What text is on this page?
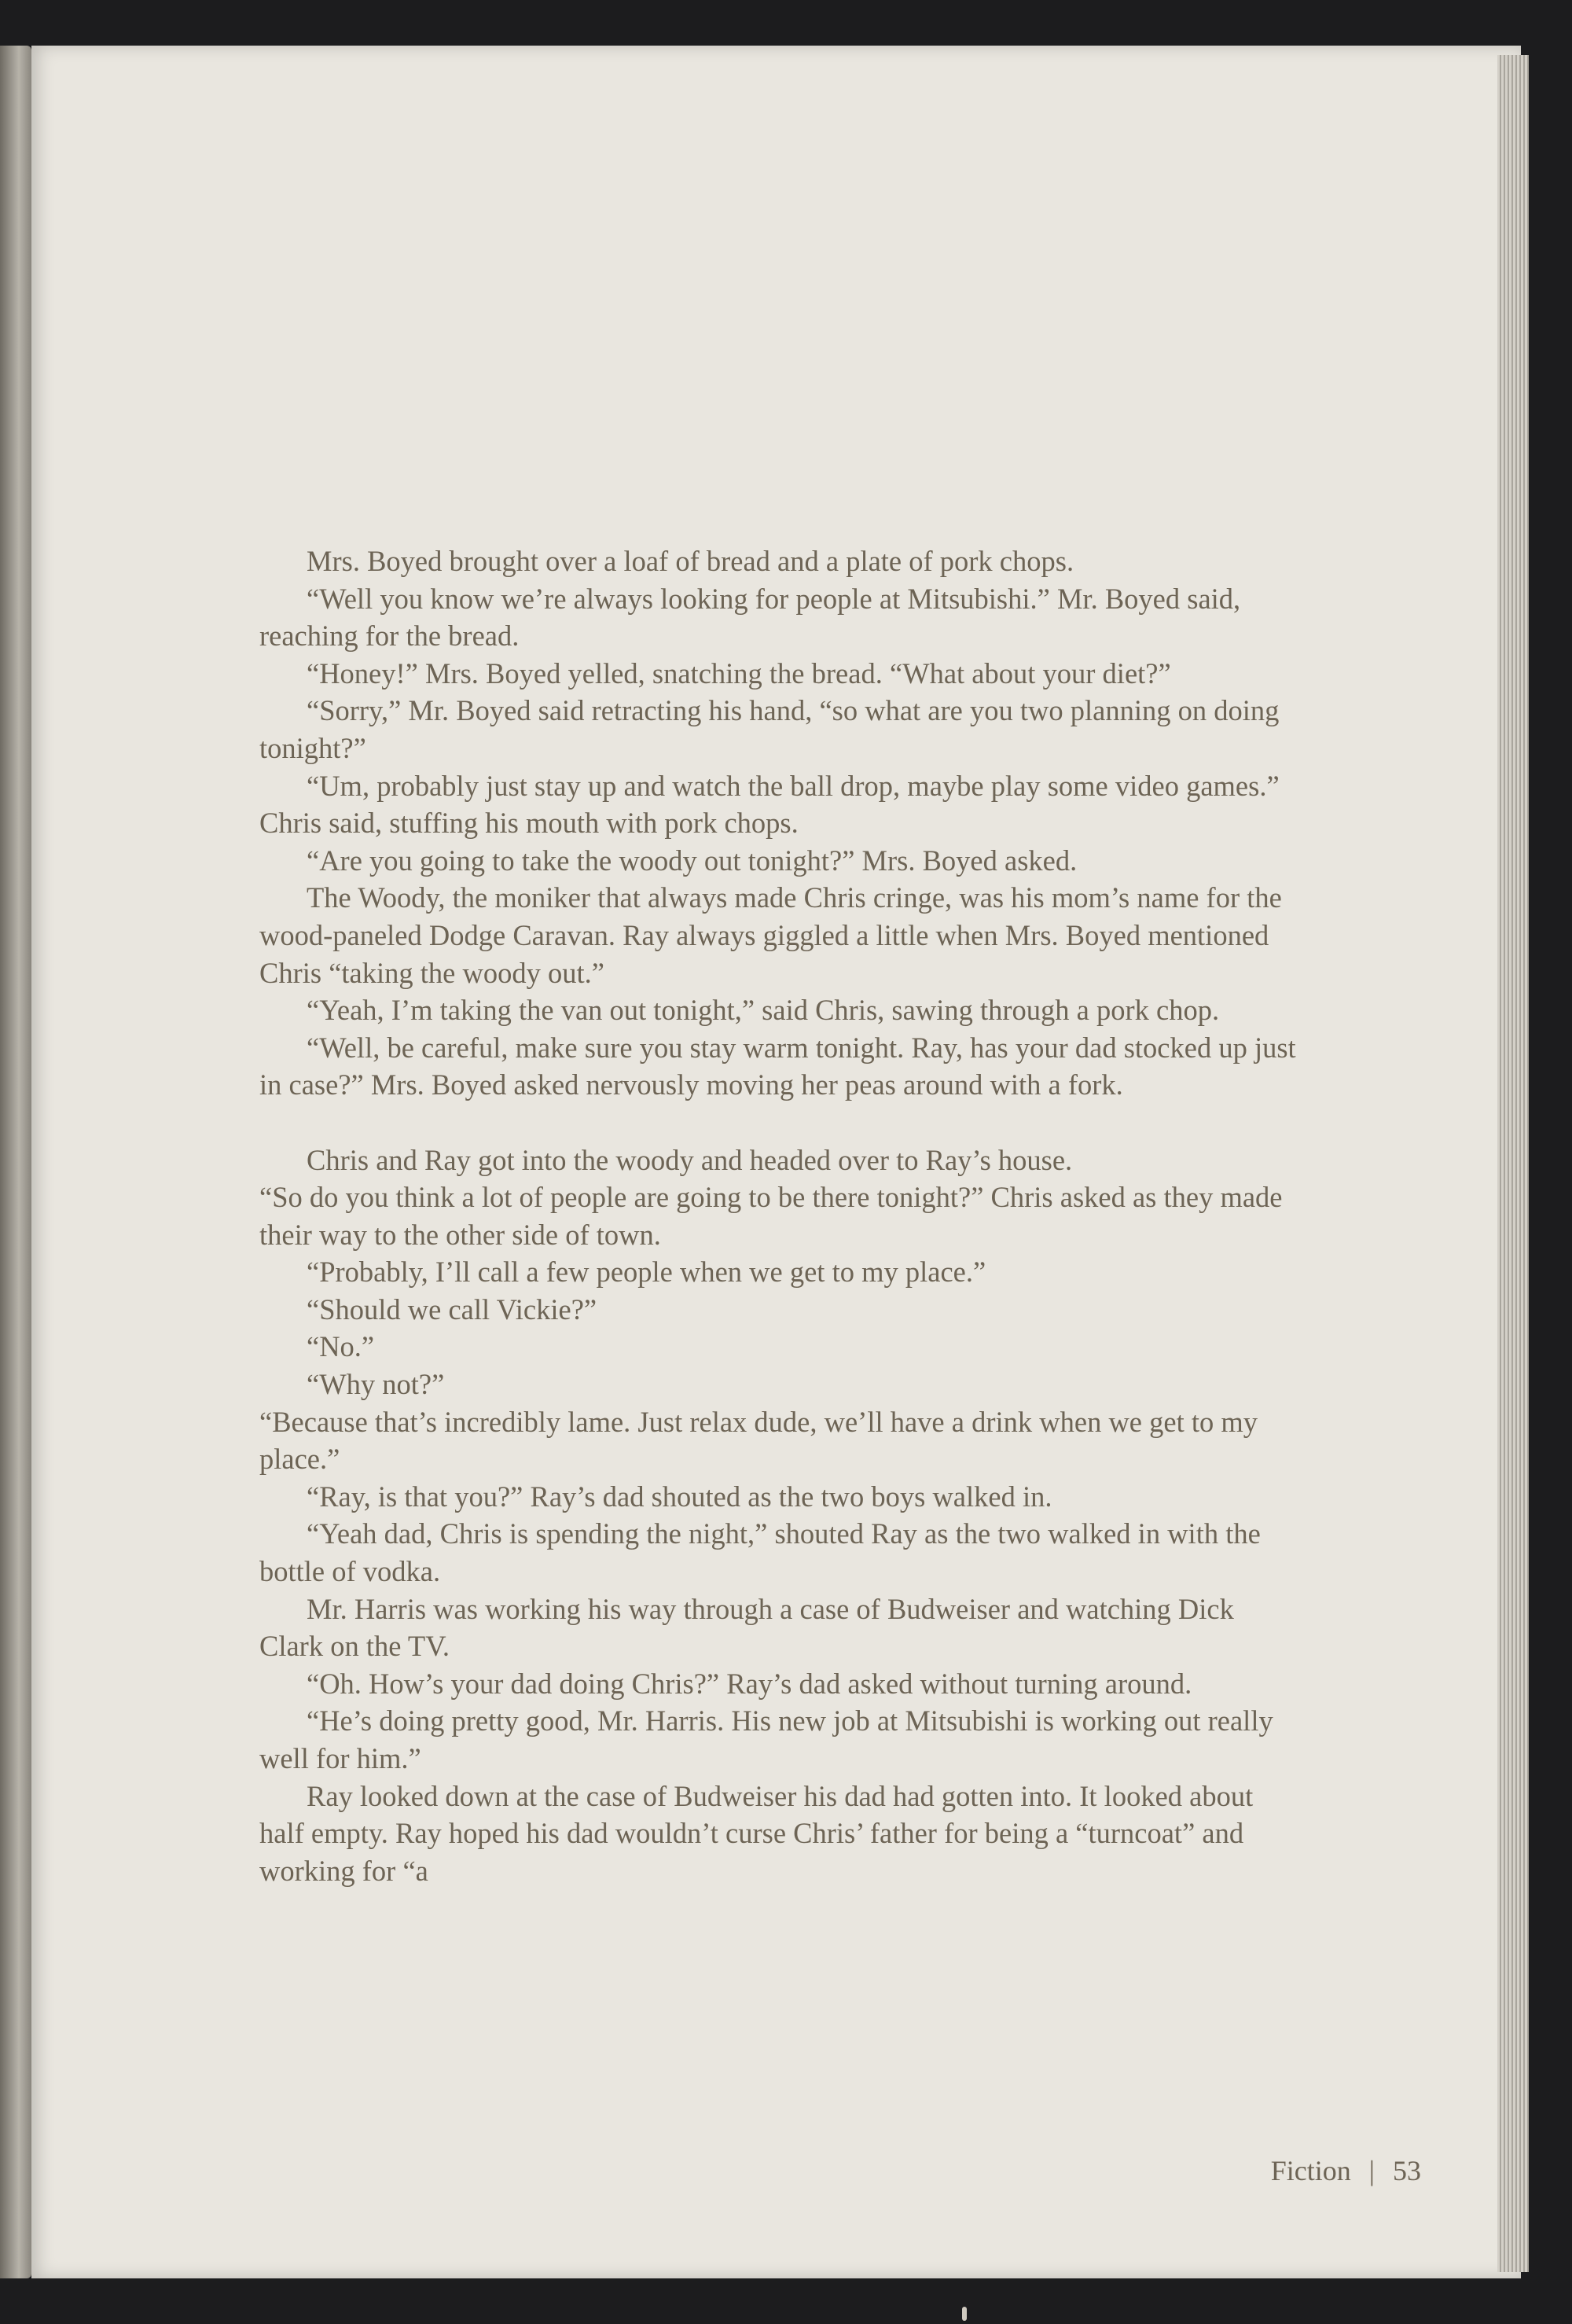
Mrs. Boyed brought over a loaf of bread and a plate of pork chops.

“Well you know we’re always looking for people at Mitsubishi.” Mr. Boyed said, reaching for the bread.

“Honey!” Mrs. Boyed yelled, snatching the bread. “What about your diet?”

“Sorry,” Mr. Boyed said retracting his hand, “so what are you two planning on doing tonight?”

“Um, probably just stay up and watch the ball drop, maybe play some video games.” Chris said, stuffing his mouth with pork chops.

“Are you going to take the woody out tonight?” Mrs. Boyed asked.

The Woody, the moniker that always made Chris cringe, was his mom’s name for the wood-paneled Dodge Caravan. Ray always giggled a little when Mrs. Boyed mentioned Chris “taking the woody out.”

“Yeah, I’m taking the van out tonight,” said Chris, sawing through a pork chop.

“Well, be careful, make sure you stay warm tonight. Ray, has your dad stocked up just in case?” Mrs. Boyed asked nervously moving her peas around with a fork.

Chris and Ray got into the woody and headed over to Ray’s house.

“So do you think a lot of people are going to be there tonight?” Chris asked as they made their way to the other side of town.

“Probably, I’ll call a few people when we get to my place.”

“Should we call Vickie?”

“No.”

“Why not?”

“Because that’s incredibly lame. Just relax dude, we’ll have a drink when we get to my place.”

“Ray, is that you?” Ray’s dad shouted as the two boys walked in.

“Yeah dad, Chris is spending the night,” shouted Ray as the two walked in with the bottle of vodka.

Mr. Harris was working his way through a case of Budweiser and watching Dick Clark on the TV.

“Oh. How’s your dad doing Chris?” Ray’s dad asked without turning around.

“He’s doing pretty good, Mr. Harris. His new job at Mitsubishi is working out really well for him.”

Ray looked down at the case of Budweiser his dad had gotten into. It looked about half empty. Ray hoped his dad wouldn’t curse Chris’ father for being a “turncoat” and working for “a

Fiction | 53
